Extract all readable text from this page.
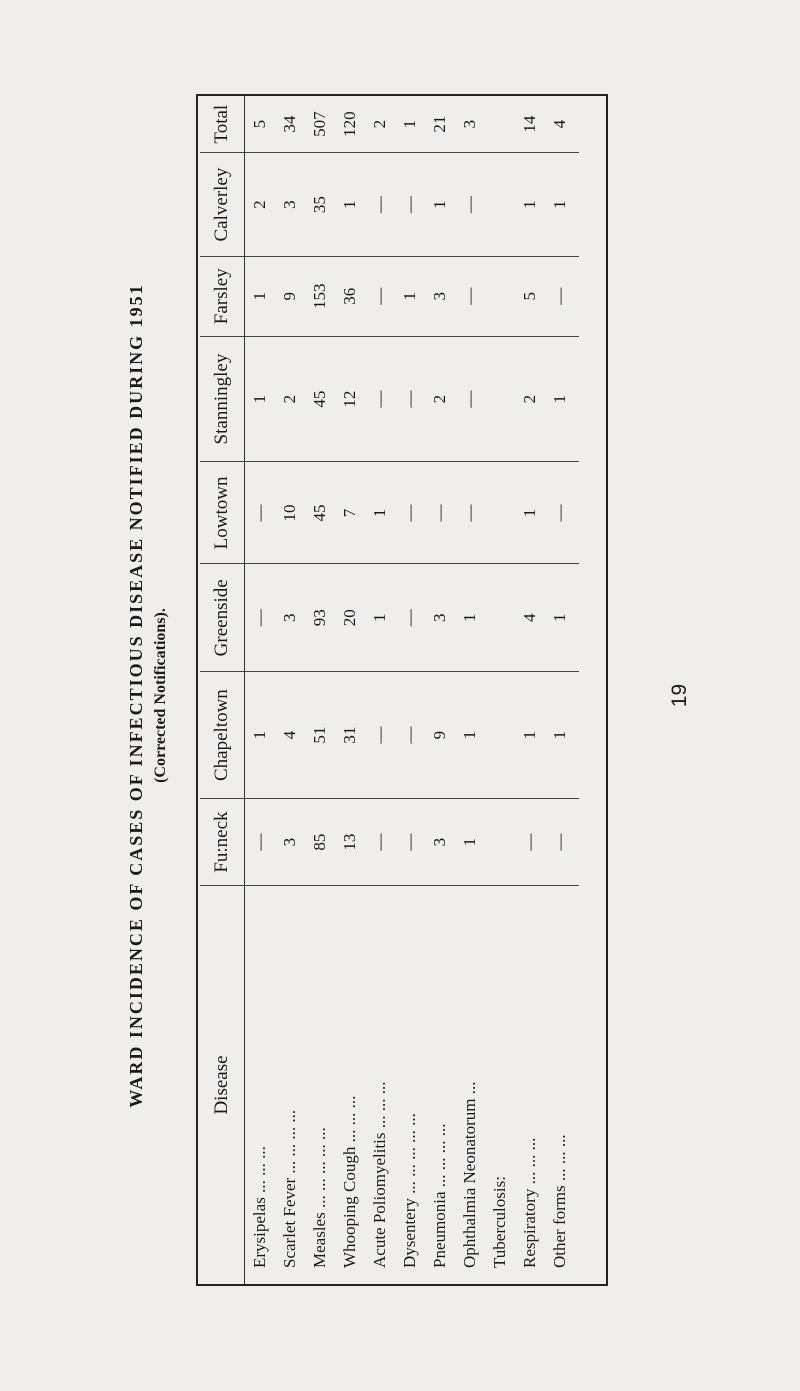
WARD INCIDENCE OF CASES OF INFECTIOUS DISEASE NOTIFIED DURING 1951 (Corrected Notifications).
Disease	Fu:neck	Chapeltown	Greenside	Lowtown	Stanningley	Farsley	Calverley	Total
Erysipelas ... ... ...	—	1	—	—	1	1	2	5
Scarlet Fever ... ... ... ...	3	4	3	10	2	9	3	34
Measles ... ... ... ... ...	85	51	93	45	45	153	35	507
Whooping Cough ... ... ...	13	31	20	7	12	36	1	120
Acute Poliomyelitis ... ... ...	—	—	1	1	—	—	—	2
Dysentery ... ... ... ... ...	—	—	—	—	—	1	—	1
Pneumonia ... ... ... ...	3	9	3	—	2	3	1	21
Ophthalmia Neonatorum ...	1	1	1	—	—	—	—	3
Tuberculosis:								
Respiratory ... ... ...	—	1	4	1	2	5	1	14
Other forms ... ... ...	—	1	1	—	1	—	1	4
19
